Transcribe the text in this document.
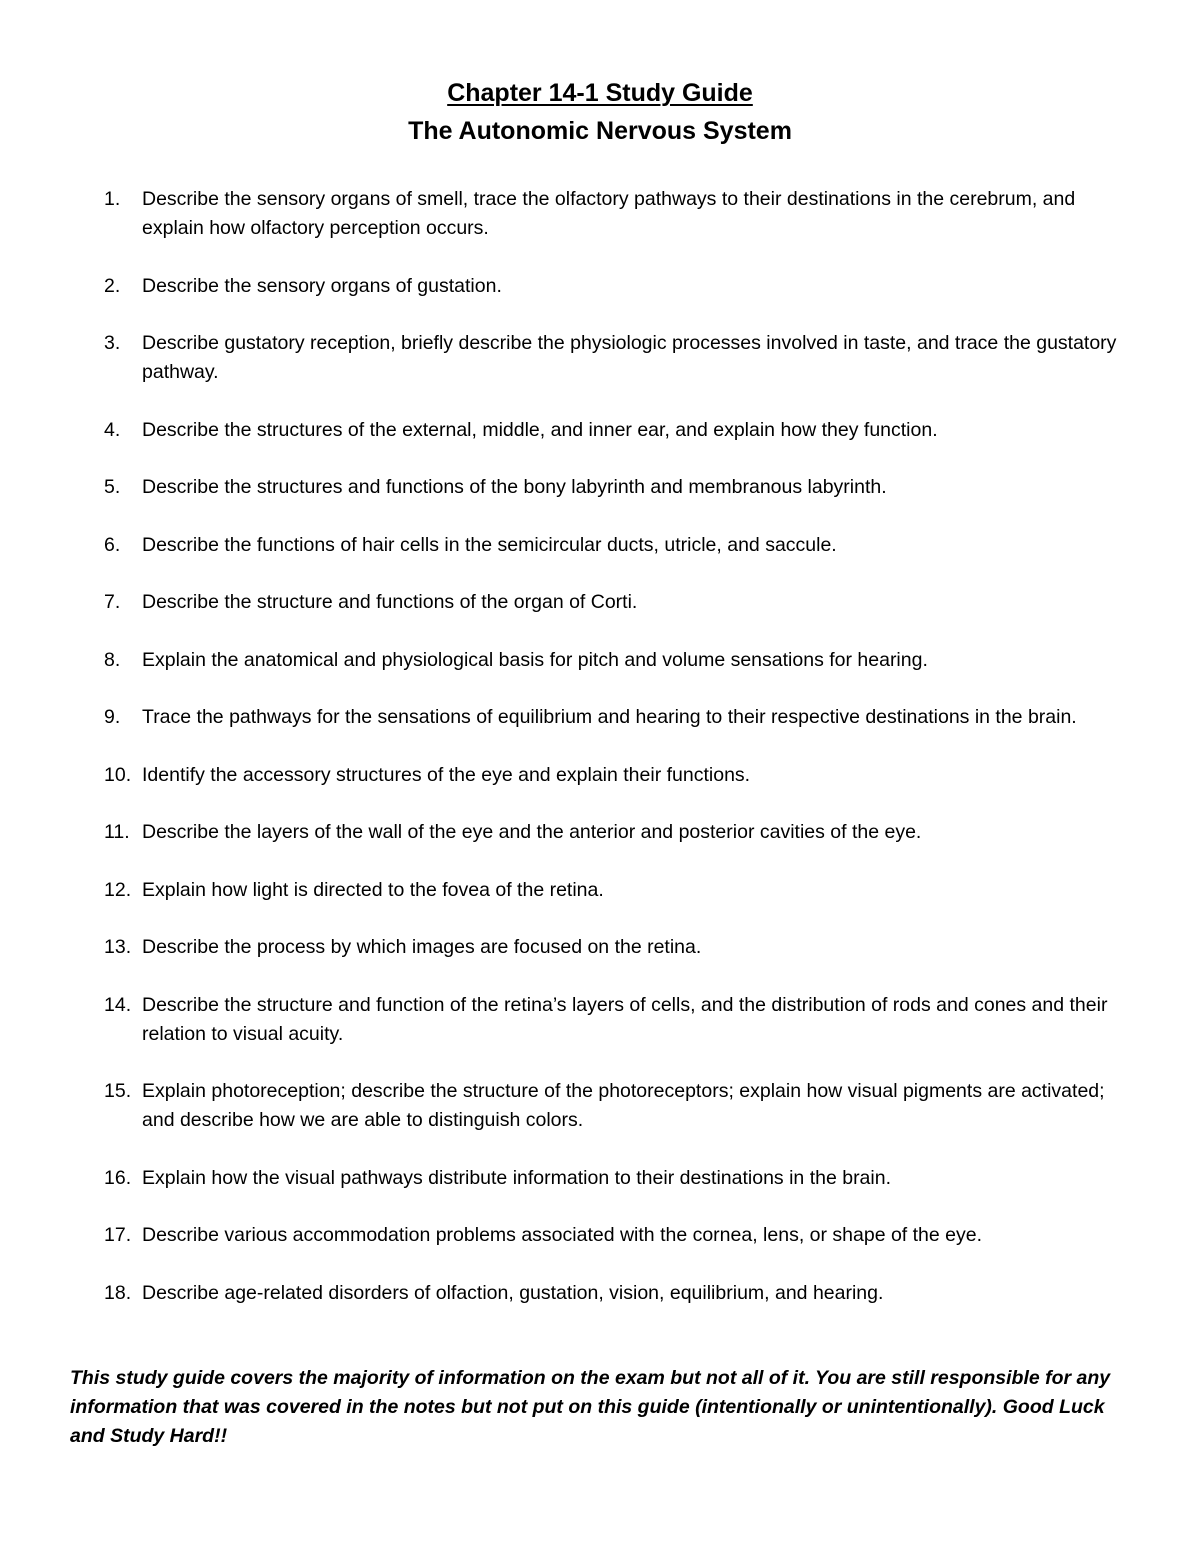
Chapter 14-1 Study Guide
The Autonomic Nervous System
1.	Describe the sensory organs of smell, trace the olfactory pathways to their destinations in the cerebrum, and explain how olfactory perception occurs.
2.	Describe the sensory organs of gustation.
3.	Describe gustatory reception, briefly describe the physiologic processes involved in taste, and trace the gustatory pathway.
4.	Describe the structures of the external, middle, and inner ear, and explain how they function.
5.	Describe the structures and functions of the bony labyrinth and membranous labyrinth.
6.	Describe the functions of hair cells in the semicircular ducts, utricle, and saccule.
7.	Describe the structure and functions of the organ of Corti.
8.	Explain the anatomical and physiological basis for pitch and volume sensations for hearing.
9.	Trace the pathways for the sensations of equilibrium and hearing to their respective destinations in the brain.
10. Identify the accessory structures of the eye and explain their functions.
11. Describe the layers of the wall of the eye and the anterior and posterior cavities of the eye.
12. Explain how light is directed to the fovea of the retina.
13. Describe the process by which images are focused on the retina.
14. Describe the structure and function of the retina’s layers of cells, and the distribution of rods and cones and their relation to visual acuity.
15. Explain photoreception; describe the structure of the photoreceptors; explain how visual pigments are activated; and describe how we are able to distinguish colors.
16. Explain how the visual pathways distribute information to their destinations in the brain.
17. Describe various accommodation problems associated with the cornea, lens, or shape of the eye.
18. Describe age-related disorders of olfaction, gustation, vision, equilibrium, and hearing.
This study guide covers the majority of information on the exam but not all of it. You are still responsible for any information that was covered in the notes but not put on this guide (intentionally or unintentionally). Good Luck and Study Hard!!
